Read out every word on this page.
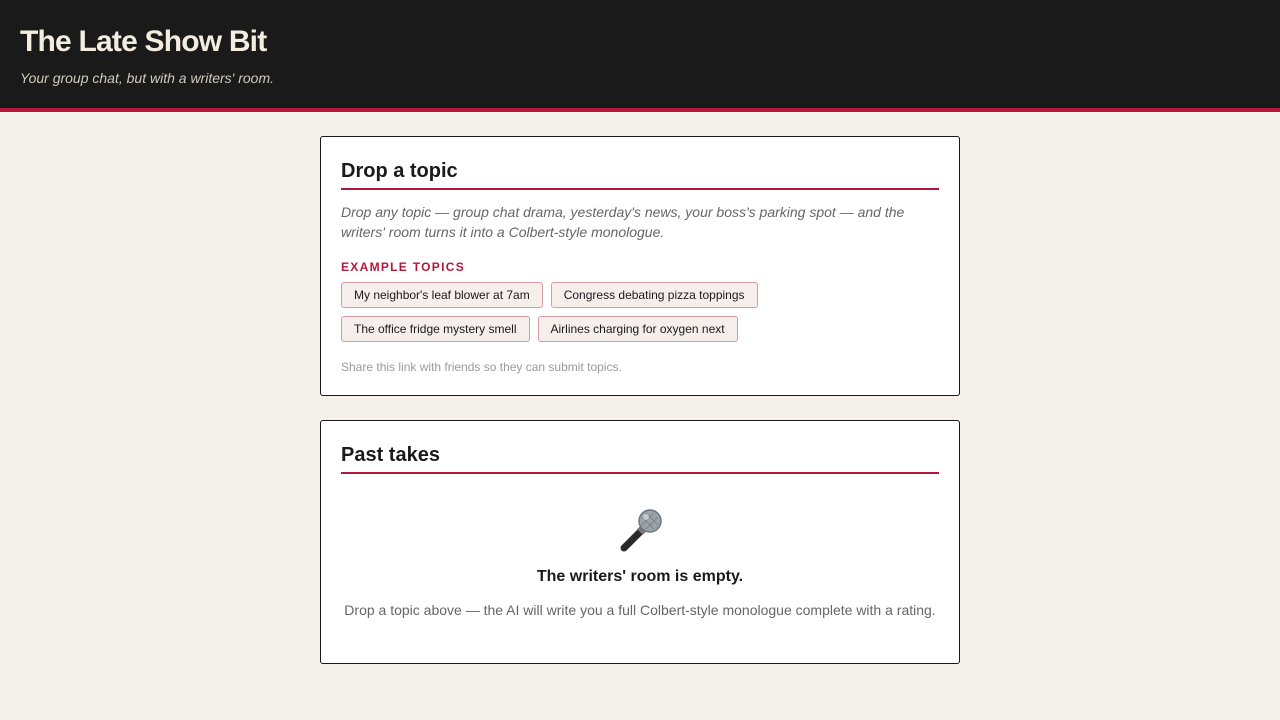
The Late Show Bit

Your group chat, but with a writers' room.

Drop a topic

Drop any topic — group chat drama, yesterday's news, your boss's parking spot — and the writers' room turns it into a Colbert-style monologue.

EXAMPLE TOPICS
My neighbor's leaf blower at 7am	Congress debating pizza toppings
The office fridge mystery smell	Airlines charging for oxygen next

Share this link with friends so they can submit topics.

Past takes
The writers' room is empty.

Drop a topic above — the AI will write you a full Colbert-style monologue complete with a rating.
